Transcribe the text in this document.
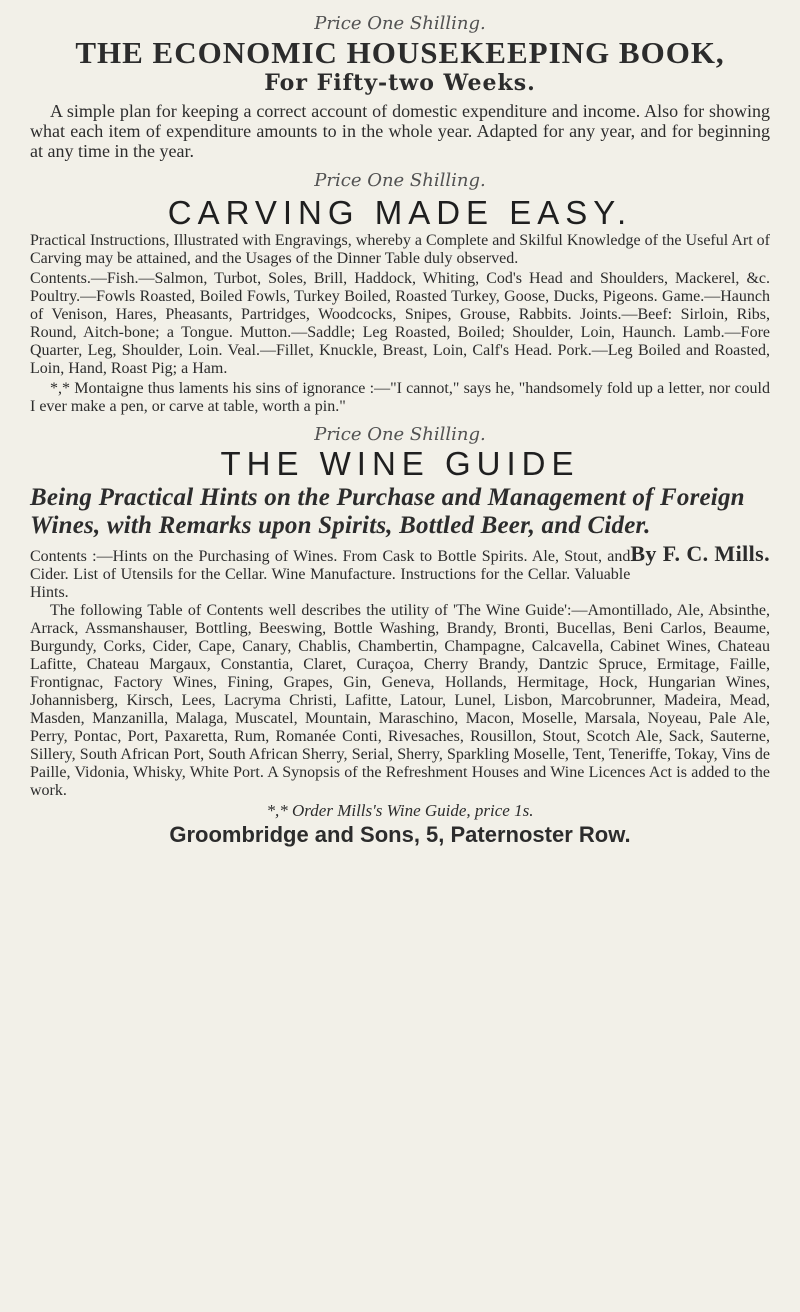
Price One Shilling.
THE ECONOMIC HOUSEKEEPING BOOK,
For Fifty-two Weeks.
A simple plan for keeping a correct account of domestic expenditure and income. Also for showing what each item of expenditure amounts to in the whole year. Adapted for any year, and for beginning at any time in the year.
Price One Shilling.
CARVING MADE EASY.
Practical Instructions, Illustrated with Engravings, whereby a Complete and Skilful Knowledge of the Useful Art of Carving may be attained, and the Usages of the Dinner Table duly observed.
Contents.—Fish.—Salmon, Turbot, Soles, Brill, Haddock, Whiting, Cod's Head and Shoulders, Mackerel, &c. Poultry.—Fowls Roasted, Boiled Fowls, Turkey Boiled, Roasted Turkey, Goose, Ducks, Pigeons. Game.—Haunch of Venison, Hares, Pheasants, Partridges, Woodcocks, Snipes, Grouse, Rabbits. Joints.—Beef: Sirloin, Ribs, Round, Aitch-bone; a Tongue. Mutton.—Saddle; Leg Roasted, Boiled; Shoulder, Loin, Haunch. Lamb.—Fore Quarter, Leg, Shoulder, Loin. Veal.—Fillet, Knuckle, Breast, Loin, Calf's Head. Pork.—Leg Boiled and Roasted, Loin, Hand, Roast Pig; a Ham.
*,* Montaigne thus laments his sins of ignorance :—"I cannot," says he, "handsomely fold up a letter, nor could I ever make a pen, or carve at table, worth a pin."
Price One Shilling.
THE WINE GUIDE
Being Practical Hints on the Purchase and Management of Foreign Wines, with Remarks upon Spirits, Bottled Beer, and Cider.
By F. C. Mills.
Contents :—Hints on the Purchasing of Wines. From Cask to Bottle Spirits. Ale, Stout, and Cider. List of Utensils for the Cellar. Wine Manufacture. Instructions for the Cellar. Valuable Hints.
The following Table of Contents well describes the utility of 'The Wine Guide':—Amontillado, Ale, Absinthe, Arrack, Assmanshauser, Bottling, Beeswing, Bottle Washing, Brandy, Bronti, Bucellas, Beni Carlos, Beaume, Burgundy, Corks, Cider, Cape, Canary, Chablis, Chambertin, Champagne, Calcavella, Cabinet Wines, Chateau Lafitte, Chateau Margaux, Constantia, Claret, Curaçoa, Cherry Brandy, Dantzic Spruce, Ermitage, Faille, Frontignac, Factory Wines, Fining, Grapes, Gin, Geneva, Hollands, Hermitage, Hock, Hungarian Wines, Johannisberg, Kirsch, Lees, Lacryma Christi, Lafitte, Latour, Lunel, Lisbon, Marcobrunner, Madeira, Mead, Masden, Manzanilla, Malaga, Muscatel, Mountain, Maraschino, Macon, Moselle, Marsala, Noyeau, Pale Ale, Perry, Pontac, Port, Paxaretta, Rum, Romanée Conti, Rivesaches, Rousillon, Stout, Scotch Ale, Sack, Sauterne, Sillery, South African Port, South African Sherry, Serial, Sherry, Sparkling Moselle, Tent, Teneriffe, Tokay, Vins de Paille, Vidonia, Whisky, White Port. A Synopsis of the Refreshment Houses and Wine Licences Act is added to the work.
*,* Order Mills's Wine Guide, price 1s.
Groombridge and Sons, 5, Paternoster Row.
